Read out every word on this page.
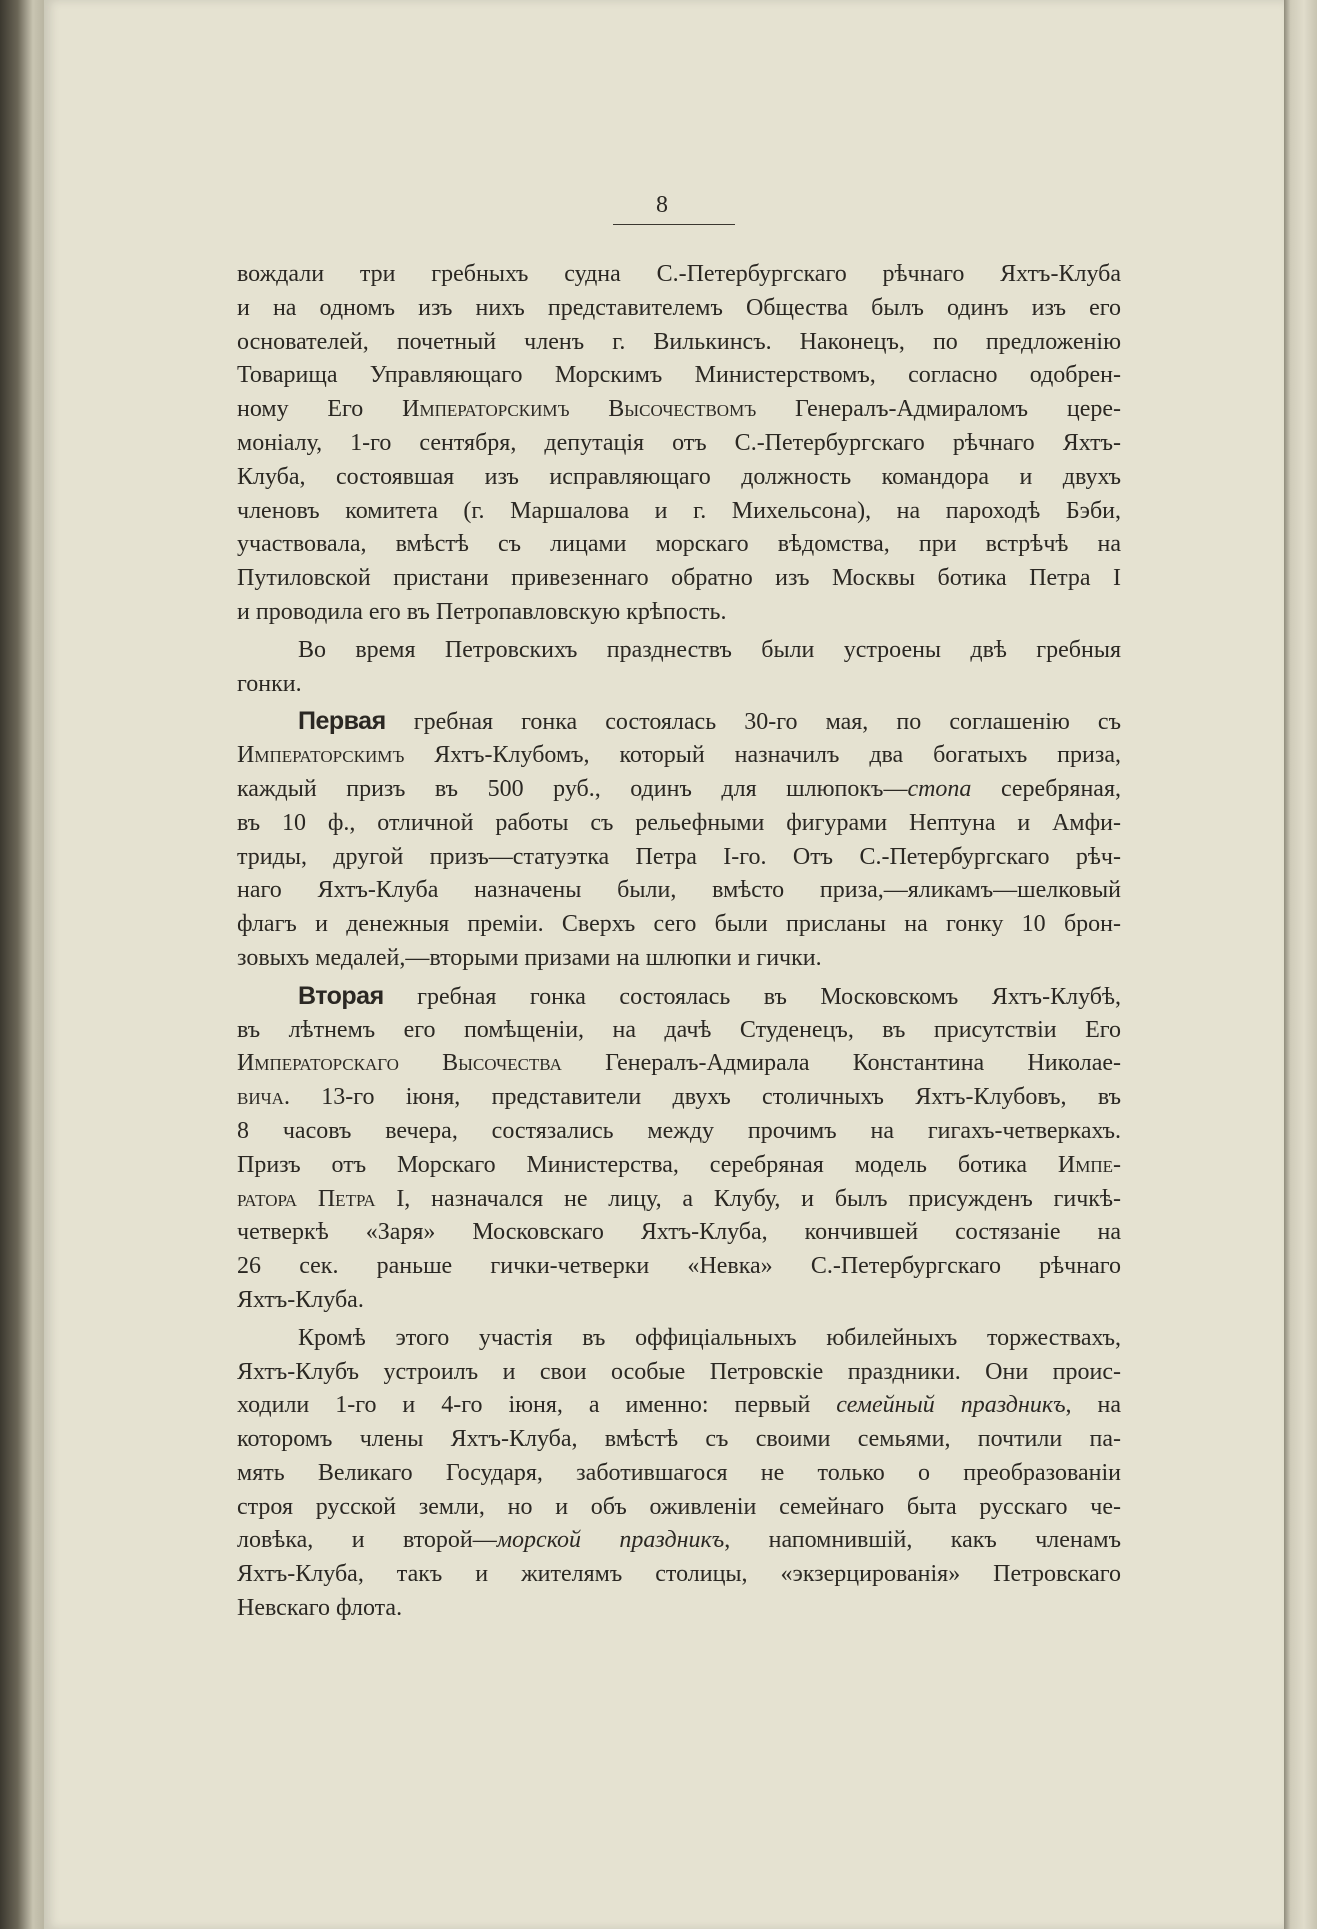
8
вождали три гребныхъ судна С.-Петербургскаго рѣчнаго Яхтъ-Клуба
и на одномъ изъ нихъ представителемъ Общества былъ одинъ изъ его
основателей, почетный членъ г. Вилькинсъ. Наконецъ, по предложенію
Товарища Управляющаго Морскимъ Министерствомъ, согласно одобрен-
ному Его Императорскимъ Высочествомъ Генералъ-Адмираломъ цере-
моніалу, 1-го сентября, депутація отъ С.-Петербургскаго рѣчнаго Яхтъ-
Клуба, состоявшая изъ исправляющаго должность командора и двухъ
членовъ комитета (г. Маршалова и г. Михельсона), на пароходѣ Бэби,
участвовала, вмѣстѣ съ лицами морскаго вѣдомства, при встрѣчѣ на
Путиловской пристани привезеннаго обратно изъ Москвы ботика Петра I
и проводила его въ Петропавловскую крѣпость.
Во время Петровскихъ празднествъ были устроены двѣ гребныя
гонки.
Первая гребная гонка состоялась 30-го мая, по соглашенію съ
Императорскимъ Яхтъ-Клубомъ, который назначилъ два богатыхъ приза,
каждый призъ въ 500 руб., одинъ для шлюпокъ—стопа серебряная,
въ 10 ф., отличной работы съ рельефными фигурами Нептуна и Амфи-
триды, другой призъ—статуэтка Петра I-го. Отъ С.-Петербургскаго рѣч-
наго Яхтъ-Клуба назначены были, вмѣсто приза,—яликамъ—шелковый
флагъ и денежныя преміи. Сверхъ сего были присланы на гонку 10 брон-
зовыхъ медалей,—вторыми призами на шлюпки и гички.
Вторая гребная гонка состоялась въ Московскомъ Яхтъ-Клубѣ,
въ лѣтнемъ его помѣщеніи, на дачѣ Студенецъ, въ присутствіи Его
Императорскаго Высочества Генералъ-Адмирала Константина Николае-
вича. 13-го іюня, представители двухъ столичныхъ Яхтъ-Клубовъ, въ
8 часовъ вечера, состязались между прочимъ на гигахъ-четверкахъ.
Призъ отъ Морскаго Министерства, серебряная модель ботика Импе-
ратора Петра I, назначался не лицу, а Клубу, и былъ присужденъ гичкѣ-
четверкѣ «Заря» Московскаго Яхтъ-Клуба, кончившей состязаніе на
26 сек. раньше гички-четверки «Невка» С.-Петербургскаго рѣчнаго
Яхтъ-Клуба.
Кромѣ этого участія въ оффиціальныхъ юбилейныхъ торжествахъ,
Яхтъ-Клубъ устроилъ и свои особые Петровскіе праздники. Они проис-
ходили 1-го и 4-го іюня, а именно: первый семейный праздникъ, на
которомъ члены Яхтъ-Клуба, вмѣстѣ съ своими семьями, почтили па-
мять Великаго Государя, заботившагося не только о преобразованіи
строя русской земли, но и объ оживленіи семейнаго быта русскаго че-
ловѣка, и второй—морской праздникъ, напомнившій, какъ членамъ
Яхтъ-Клуба, такъ и жителямъ столицы, «экзерцированія» Петровскаго
Невскаго флота.
